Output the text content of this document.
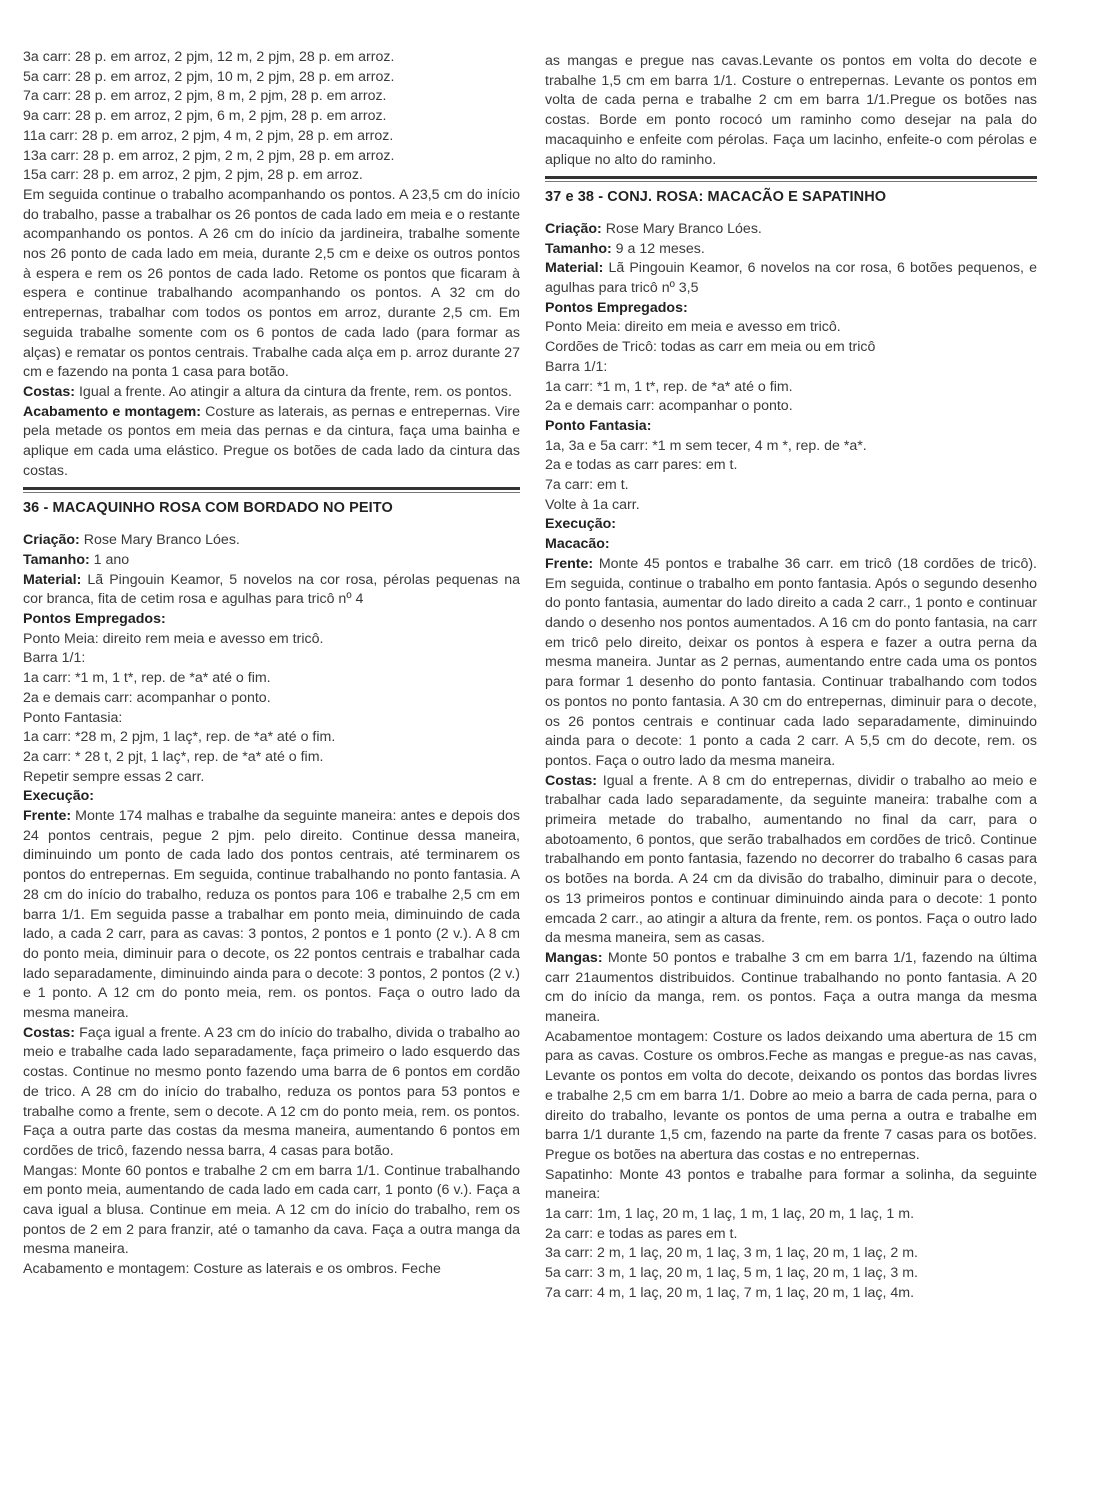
3a carr: 28 p. em arroz, 2 pjm, 12 m, 2 pjm, 28 p. em arroz.
5a carr: 28 p. em arroz, 2 pjm, 10 m, 2 pjm, 28 p. em arroz.
7a carr: 28 p. em arroz, 2 pjm, 8 m, 2 pjm, 28 p. em arroz.
9a carr: 28 p. em arroz, 2 pjm, 6 m, 2 pjm, 28 p. em arroz.
11a carr: 28 p. em arroz, 2 pjm, 4 m, 2 pjm, 28 p. em arroz.
13a carr: 28 p. em arroz, 2 pjm, 2 m, 2 pjm, 28 p. em arroz.
15a carr: 28 p. em arroz, 2 pjm, 2 pjm, 28 p. em arroz.

Em seguida continue o trabalho acompanhando os pontos. A 23,5 cm do início do trabalho, passe a trabalhar os 26 pontos de cada lado em meia e o restante acompanhando os pontos. A 26 cm do início da jardineira, trabalhe somente nos 26 ponto de cada lado em meia, durante 2,5 cm e deixe os outros pontos à espera e rem os 26 pontos de cada lado. Retome os pontos que ficaram à espera e continue trabalhando acompanhando os pontos. A 32 cm do entrepernas, trabalhar com todos os pontos em arroz, durante 2,5 cm. Em seguida trabalhe somente com os 6 pontos de cada lado (para formar as alças) e rematar os pontos centrais. Trabalhe cada alça em p. arroz durante 27 cm e fazendo na ponta 1 casa para botão.

Costas: Igual a frente. Ao atingir a altura da cintura da frente, rem. os pontos.

Acabamento e montagem: Costure as laterais, as pernas e entrepernas. Vire pela metade os pontos em meia das pernas e da cintura, faça uma bainha e aplique em cada uma elástico. Pregue os botões de cada lado da cintura das costas.

36 - MACAQUINHO ROSA COM BORDADO NO PEITO

Criação: Rose Mary Branco Lóes.

Tamanho: 1 ano

Material: Lã Pingouin Keamor, 5 novelos na cor rosa, pérolas pequenas na cor branca, fita de cetim rosa e agulhas para tricô nº 4

Pontos Empregados:
Ponto Meia: direito rem meia e avesso em tricô.
Barra 1/1:
1a carr: *1 m, 1 t*, rep. de *a* até o fim.
2a e demais carr: acompanhar o ponto.
Ponto Fantasia:
1a carr: *28 m, 2 pjm, 1 laç*, rep. de *a* até o fim.
2a carr: * 28 t, 2 pjt, 1 laç*, rep. de *a* até o fim.
Repetir sempre essas 2 carr.
Execução:

Frente: Monte 174 malhas e trabalhe da seguinte maneira: antes e depois dos 24 pontos centrais, pegue 2 pjm. pelo direito. Continue dessa maneira, diminuindo um ponto de cada lado dos pontos centrais, até terminarem os pontos do entrepernas. Em seguida, continue trabalhando no ponto fantasia. A 28 cm do início do trabalho, reduza os pontos para 106 e trabalhe 2,5 cm em barra 1/1. Em seguida passe a trabalhar em ponto meia, diminuindo de cada lado, a cada 2 carr, para as cavas: 3 pontos, 2 pontos e 1 ponto (2 v.). A 8 cm do ponto meia, diminuir para o decote, os 22 pontos centrais e trabalhar cada lado separadamente, diminuindo ainda para o decote: 3 pontos, 2 pontos (2 v.) e 1 ponto. A 12 cm do ponto meia, rem. os pontos. Faça o outro lado da mesma maneira.

Costas: Faça igual a frente. A 23 cm do início do trabalho, divida o trabalho ao meio e trabalhe cada lado separadamente, faça primeiro o lado esquerdo das costas. Continue no mesmo ponto fazendo uma barra de 6 pontos em cordão de trico. A 28 cm do início do trabalho, reduza os pontos para 53 pontos e trabalhe como a frente, sem o decote. A 12 cm do ponto meia, rem. os pontos. Faça a outra parte das costas da mesma maneira, aumentando 6 pontos em cordões de tricô, fazendo nessa barra, 4 casas para botão.

Mangas: Monte 60 pontos e trabalhe 2 cm em barra 1/1. Continue trabalhando em ponto meia, aumentando de cada lado em cada carr, 1 ponto (6 v.). Faça a cava igual a blusa. Continue em meia. A 12 cm do início do trabalho, rem os pontos de 2 em 2 para franzir, até o tamanho da cava. Faça a outra manga da mesma maneira.

Acabamento e montagem: Costure as laterais e os ombros. Feche

as mangas e pregue nas cavas.Levante os pontos em volta do decote e trabalhe 1,5 cm em barra 1/1. Costure o entrepernas. Levante os pontos em volta de cada perna e trabalhe 2 cm em barra 1/1.Pregue os botões nas costas. Borde em ponto rococó um raminho como desejar na pala do macaquinho e enfeite com pérolas. Faça um lacinho, enfeite-o com pérolas e aplique no alto do raminho.

37 e 38 - CONJ. ROSA: MACACÃO E SAPATINHO

Criação: Rose Mary Branco Lóes.

Tamanho: 9 a 12 meses.

Material: Lã Pingouin Keamor, 6 novelos na cor rosa, 6 botões pequenos, e agulhas para tricô nº 3,5

Pontos Empregados:
Ponto Meia: direito em meia e avesso em tricô.
Cordões de Tricô: todas as carr em meia ou em tricô
Barra 1/1:
1a carr: *1 m, 1 t*, rep. de *a* até o fim.
2a e demais carr: acompanhar o ponto.
Ponto Fantasia:
1a, 3a e 5a carr: *1 m sem tecer, 4 m *, rep. de *a*.
2a e todas as carr pares: em t.
7a carr: em t.
Volte à 1a carr.
Execução:
Macacão:

Frente: Monte 45 pontos e trabalhe 36 carr. em tricô (18 cordões de tricô). Em seguida, continue o trabalho em ponto fantasia. Após o segundo desenho do ponto fantasia, aumentar do lado direito a cada 2 carr., 1 ponto e continuar dando o desenho nos pontos aumentados. A 16 cm do ponto fantasia, na carr em tricô pelo direito, deixar os pontos à espera e fazer a outra perna da mesma maneira. Juntar as 2 pernas, aumentando entre cada uma os pontos para formar 1 desenho do ponto fantasia. Continuar trabalhando com todos os pontos no ponto fantasia. A 30 cm do entrepernas, diminuir para o decote, os 26 pontos centrais e continuar cada lado separadamente, diminuindo ainda para o decote: 1 ponto a cada 2 carr. A 5,5 cm do decote, rem. os pontos. Faça o outro lado da mesma maneira.

Costas: Igual a frente. A 8 cm do entrepernas, dividir o trabalho ao meio e trabalhar cada lado separadamente, da seguinte maneira: trabalhe com a primeira metade do trabalho, aumentando no final da carr, para o abotoamento, 6 pontos, que serão trabalhados em cordões de tricô. Continue trabalhando em ponto fantasia, fazendo no decorrer do trabalho 6 casas para os botões na borda. A 24 cm da divisão do trabalho, diminuir para o decote, os 13 primeiros pontos e continuar diminuindo ainda para o decote: 1 ponto emcada 2 carr., ao atingir a altura da frente, rem. os pontos. Faça o outro lado da mesma maneira, sem as casas.

Mangas: Monte 50 pontos e trabalhe 3 cm em barra 1/1, fazendo na última carr 21aumentos distribuidos. Continue trabalhando no ponto fantasia. A 20 cm do início da manga, rem. os pontos. Faça a outra manga da mesma maneira.

Acabamentoe montagem: Costure os lados deixando uma abertura de 15 cm para as cavas. Costure os ombros.Feche as mangas e pregue-as nas cavas, Levante os pontos em volta do decote, deixando os pontos das bordas livres e trabalhe 2,5 cm em barra 1/1. Dobre ao meio a barra de cada perna, para o direito do trabalho, levante os pontos de uma perna a outra e trabalhe em barra 1/1 durante 1,5 cm, fazendo na parte da frente 7 casas para os botões. Pregue os botões na abertura das costas e no entrepernas.

Sapatinho: Monte 43 pontos e trabalhe para formar a solinha, da seguinte maneira:

1a carr: 1m, 1 laç, 20 m, 1 laç, 1 m, 1 laç, 20 m, 1 laç, 1 m.
2a carr: e todas as pares em t.
3a carr: 2 m, 1 laç, 20 m, 1 laç, 3 m, 1 laç, 20 m, 1 laç, 2 m.
5a carr: 3 m, 1 laç, 20 m, 1 laç, 5 m, 1 laç, 20 m, 1 laç, 3 m.
7a carr: 4 m, 1 laç, 20 m, 1 laç, 7 m, 1 laç, 20 m, 1 laç, 4m.
